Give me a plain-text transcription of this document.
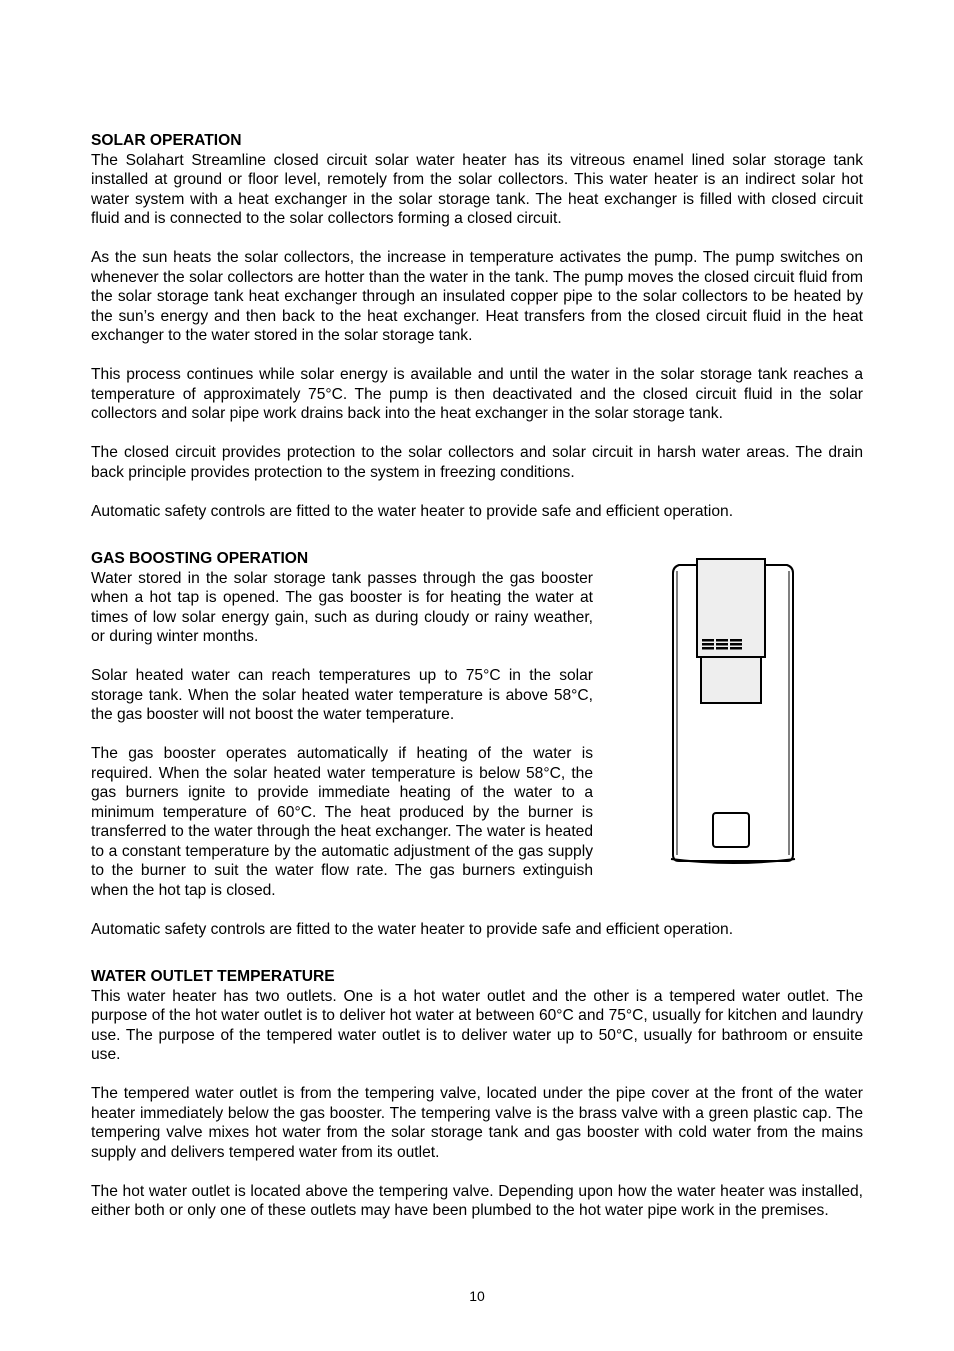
SOLAR OPERATION

The Solahart Streamline closed circuit solar water heater has its vitreous enamel lined solar storage tank installed at ground or floor level, remotely from the solar collectors. This water heater is an indirect solar hot water system with a heat exchanger in the solar storage tank. The heat exchanger is filled with closed circuit fluid and is connected to the solar collectors forming a closed circuit.

As the sun heats the solar collectors, the increase in temperature activates the pump. The pump switches on whenever the solar collectors are hotter than the water in the tank. The pump moves the closed circuit fluid from the solar storage tank heat exchanger through an insulated copper pipe to the solar collectors to be heated by the sun’s energy and then back to the heat exchanger. Heat transfers from the closed circuit fluid in the heat exchanger to the water stored in the solar storage tank.

This process continues while solar energy is available and until the water in the solar storage tank reaches a temperature of approximately 75°C. The pump is then deactivated and the closed circuit fluid in the solar collectors and solar pipe work drains back into the heat exchanger in the solar storage tank.

The closed circuit provides protection to the solar collectors and solar circuit in harsh water areas. The drain back principle provides protection to the system in freezing conditions.

Automatic safety controls are fitted to the water heater to provide safe and efficient operation.

GAS BOOSTING OPERATION

Water stored in the solar storage tank passes through the gas booster when a hot tap is opened. The gas booster is for heating the water at times of low solar energy gain, such as during cloudy or rainy weather, or during winter months.

Solar heated water can reach temperatures up to 75°C in the solar storage tank. When the solar heated water temperature is above 58°C, the gas booster will not boost the water temperature.

The gas booster operates automatically if heating of the water is required. When the solar heated water temperature is below 58°C, the gas burners ignite to provide immediate heating of the water to a minimum temperature of 60°C. The heat produced by the burner is transferred to the water through the heat exchanger. The water is heated to a constant temperature by the automatic adjustment of the gas supply to the burner to suit the water flow rate. The gas burners extinguish when the hot tap is closed.

Automatic safety controls are fitted to the water heater to provide safe and efficient operation.

WATER OUTLET TEMPERATURE

This water heater has two outlets. One is a hot water outlet and the other is a tempered water outlet. The purpose of the hot water outlet is to deliver hot water at between 60°C and 75°C, usually for kitchen and laundry use. The purpose of the tempered water outlet is to deliver water up to 50°C, usually for bathroom or ensuite use.

The tempered water outlet is from the tempering valve, located under the pipe cover at the front of the water heater immediately below the gas booster. The tempering valve is the brass valve with a green plastic cap. The tempering valve mixes hot water from the solar storage tank and gas booster with cold water from the mains supply and delivers tempered water from its outlet.

The hot water outlet is located above the tempering valve. Depending upon how the water heater was installed, either both or only one of these outlets may have been plumbed to the hot water pipe work in the premises.

10
